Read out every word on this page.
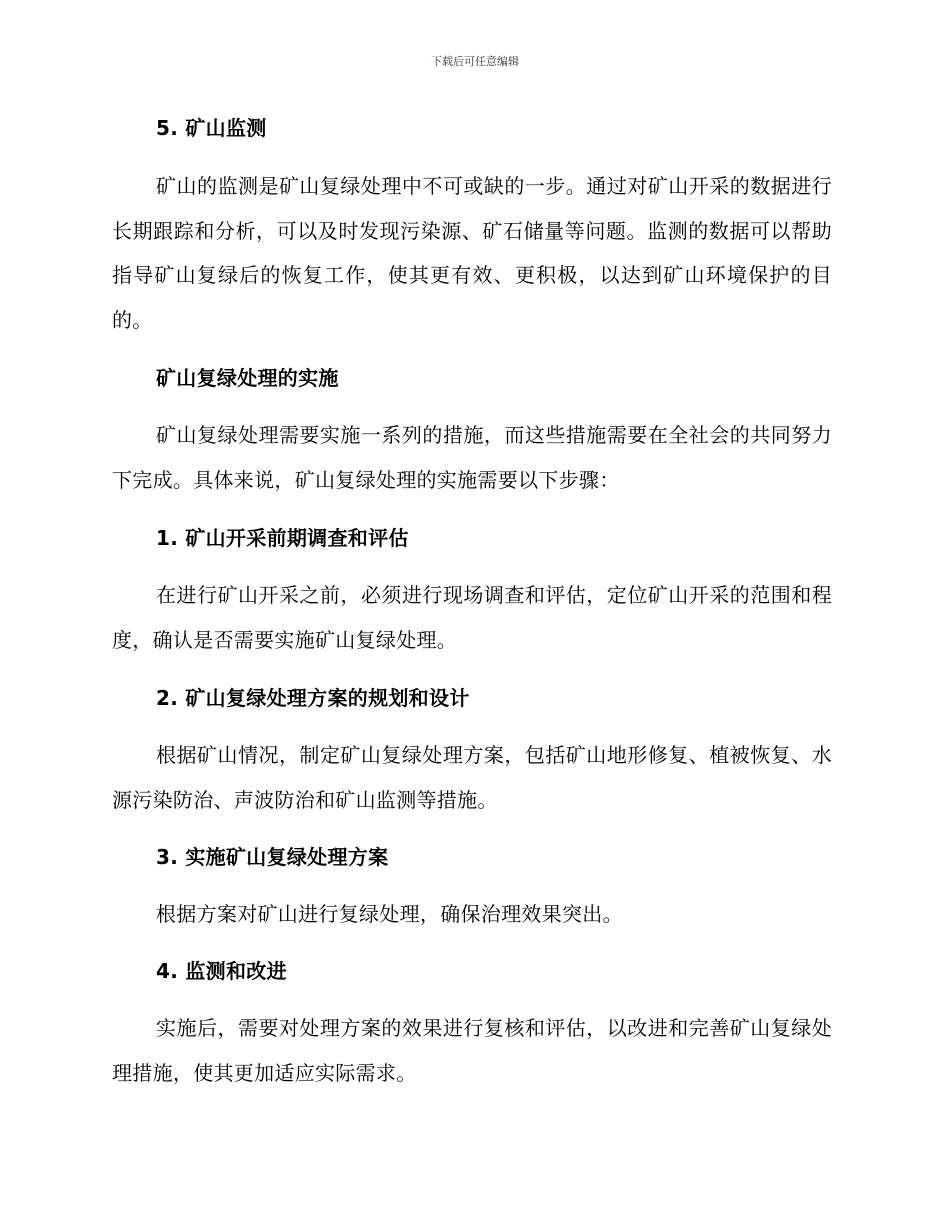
下载后可任意编辑
5. 矿山监测
矿山的监测是矿山复绿处理中不可或缺的一步。通过对矿山开采的数据进行长期跟踪和分析，可以及时发现污染源、矿石储量等问题。监测的数据可以帮助指导矿山复绿后的恢复工作，使其更有效、更积极，以达到矿山环境保护的目的。
矿山复绿处理的实施
矿山复绿处理需要实施一系列的措施，而这些措施需要在全社会的共同努力下完成。具体来说，矿山复绿处理的实施需要以下步骤：
1. 矿山开采前期调查和评估
在进行矿山开采之前，必须进行现场调查和评估，定位矿山开采的范围和程度，确认是否需要实施矿山复绿处理。
2. 矿山复绿处理方案的规划和设计
根据矿山情况，制定矿山复绿处理方案，包括矿山地形修复、植被恢复、水源污染防治、声波防治和矿山监测等措施。
3. 实施矿山复绿处理方案
根据方案对矿山进行复绿处理，确保治理效果突出。
4. 监测和改进
实施后，需要对处理方案的效果进行复核和评估，以改进和完善矿山复绿处理措施，使其更加适应实际需求。
